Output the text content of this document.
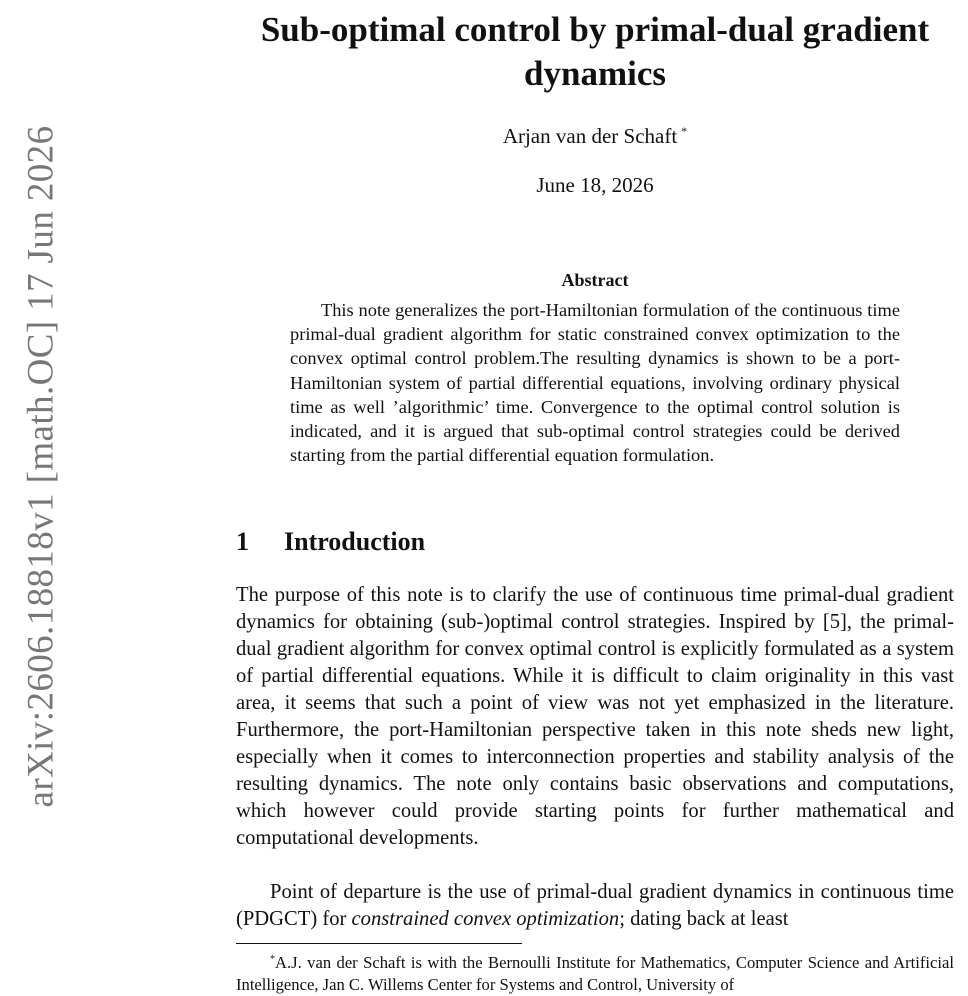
arXiv:2606.18818v1 [math.OC] 17 Jun 2026
Sub-optimal control by primal-dual gradient dynamics
Arjan van der Schaft *
June 18, 2026
Abstract

This note generalizes the port-Hamiltonian formulation of the continuous time primal-dual gradient algorithm for static constrained convex optimization to the convex optimal control problem.The resulting dynamics is shown to be a port-Hamiltonian system of partial differential equations, involving ordinary physical time as well ’algorithmic’ time. Convergence to the optimal control solution is indicated, and it is argued that sub-optimal control strategies could be derived starting from the partial differential equation formulation.

1 Introduction

The purpose of this note is to clarify the use of continuous time primal-dual gradient dynamics for obtaining (sub-)optimal control strategies. Inspired by [5], the primal-dual gradient algorithm for convex optimal control is explicitly formulated as a system of partial differential equations. While it is difficult to claim originality in this vast area, it seems that such a point of view was not yet emphasized in the literature. Furthermore, the port-Hamiltonian perspective taken in this note sheds new light, especially when it comes to interconnection properties and stability analysis of the resulting dynamics. The note only contains basic observations and computations, which however could provide starting points for further mathematical and computational developments.

Point of departure is the use of primal-dual gradient dynamics in continuous time (PDGCT) for constrained convex optimization; dating back at least

*A.J. van der Schaft is with the Bernoulli Institute for Mathematics, Computer Science and Artificial Intelligence, Jan C. Willems Center for Systems and Control, University of
